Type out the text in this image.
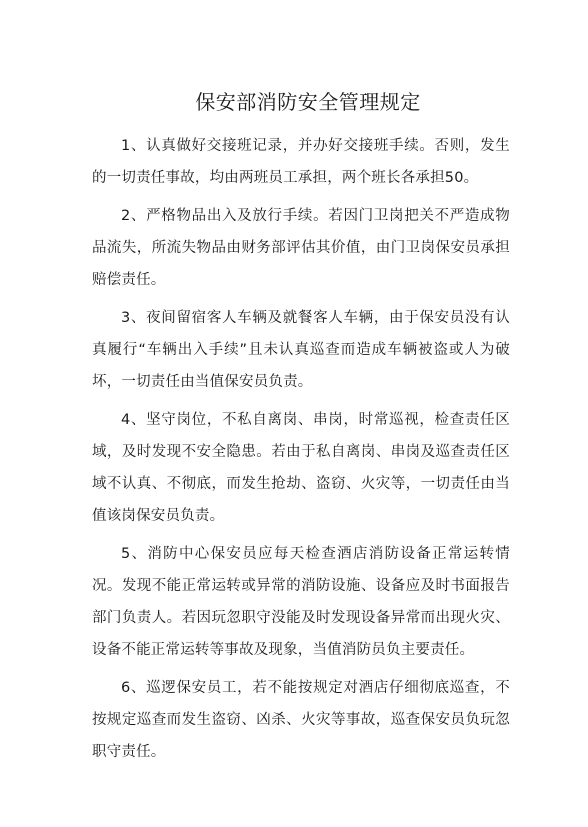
保安部消防安全管理规定

1、认真做好交接班记录，并办好交接班手续。否则，发生的一切责任事故，均由两班员工承担，两个班长各承担50。

2、严格物品出入及放行手续。若因门卫岗把关不严造成物品流失，所流失物品由财务部评估其价值，由门卫岗保安员承担赔偿责任。

3、夜间留宿客人车辆及就餐客人车辆，由于保安员没有认真履行“车辆出入手续”且未认真巡查而造成车辆被盗或人为破坏，一切责任由当值保安员负责。

4、坚守岗位，不私自离岗、串岗，时常巡视，检查责任区域，及时发现不安全隐患。若由于私自离岗、串岗及巡查责任区域不认真、不彻底，而发生抢劫、盗窃、火灾等，一切责任由当值该岗保安员负责。

5、消防中心保安员应每天检查酒店消防设备正常运转情况。发现不能正常运转或异常的消防设施、设备应及时书面报告部门负责人。若因玩忽职守没能及时发现设备异常而出现火灾、设备不能正常运转等事故及现象，当值消防员负主要责任。

6、巡逻保安员工，若不能按规定对酒店仔细彻底巡查，不按规定巡查而发生盗窃、凶杀、火灾等事故，巡查保安员负玩忽职守责任。
